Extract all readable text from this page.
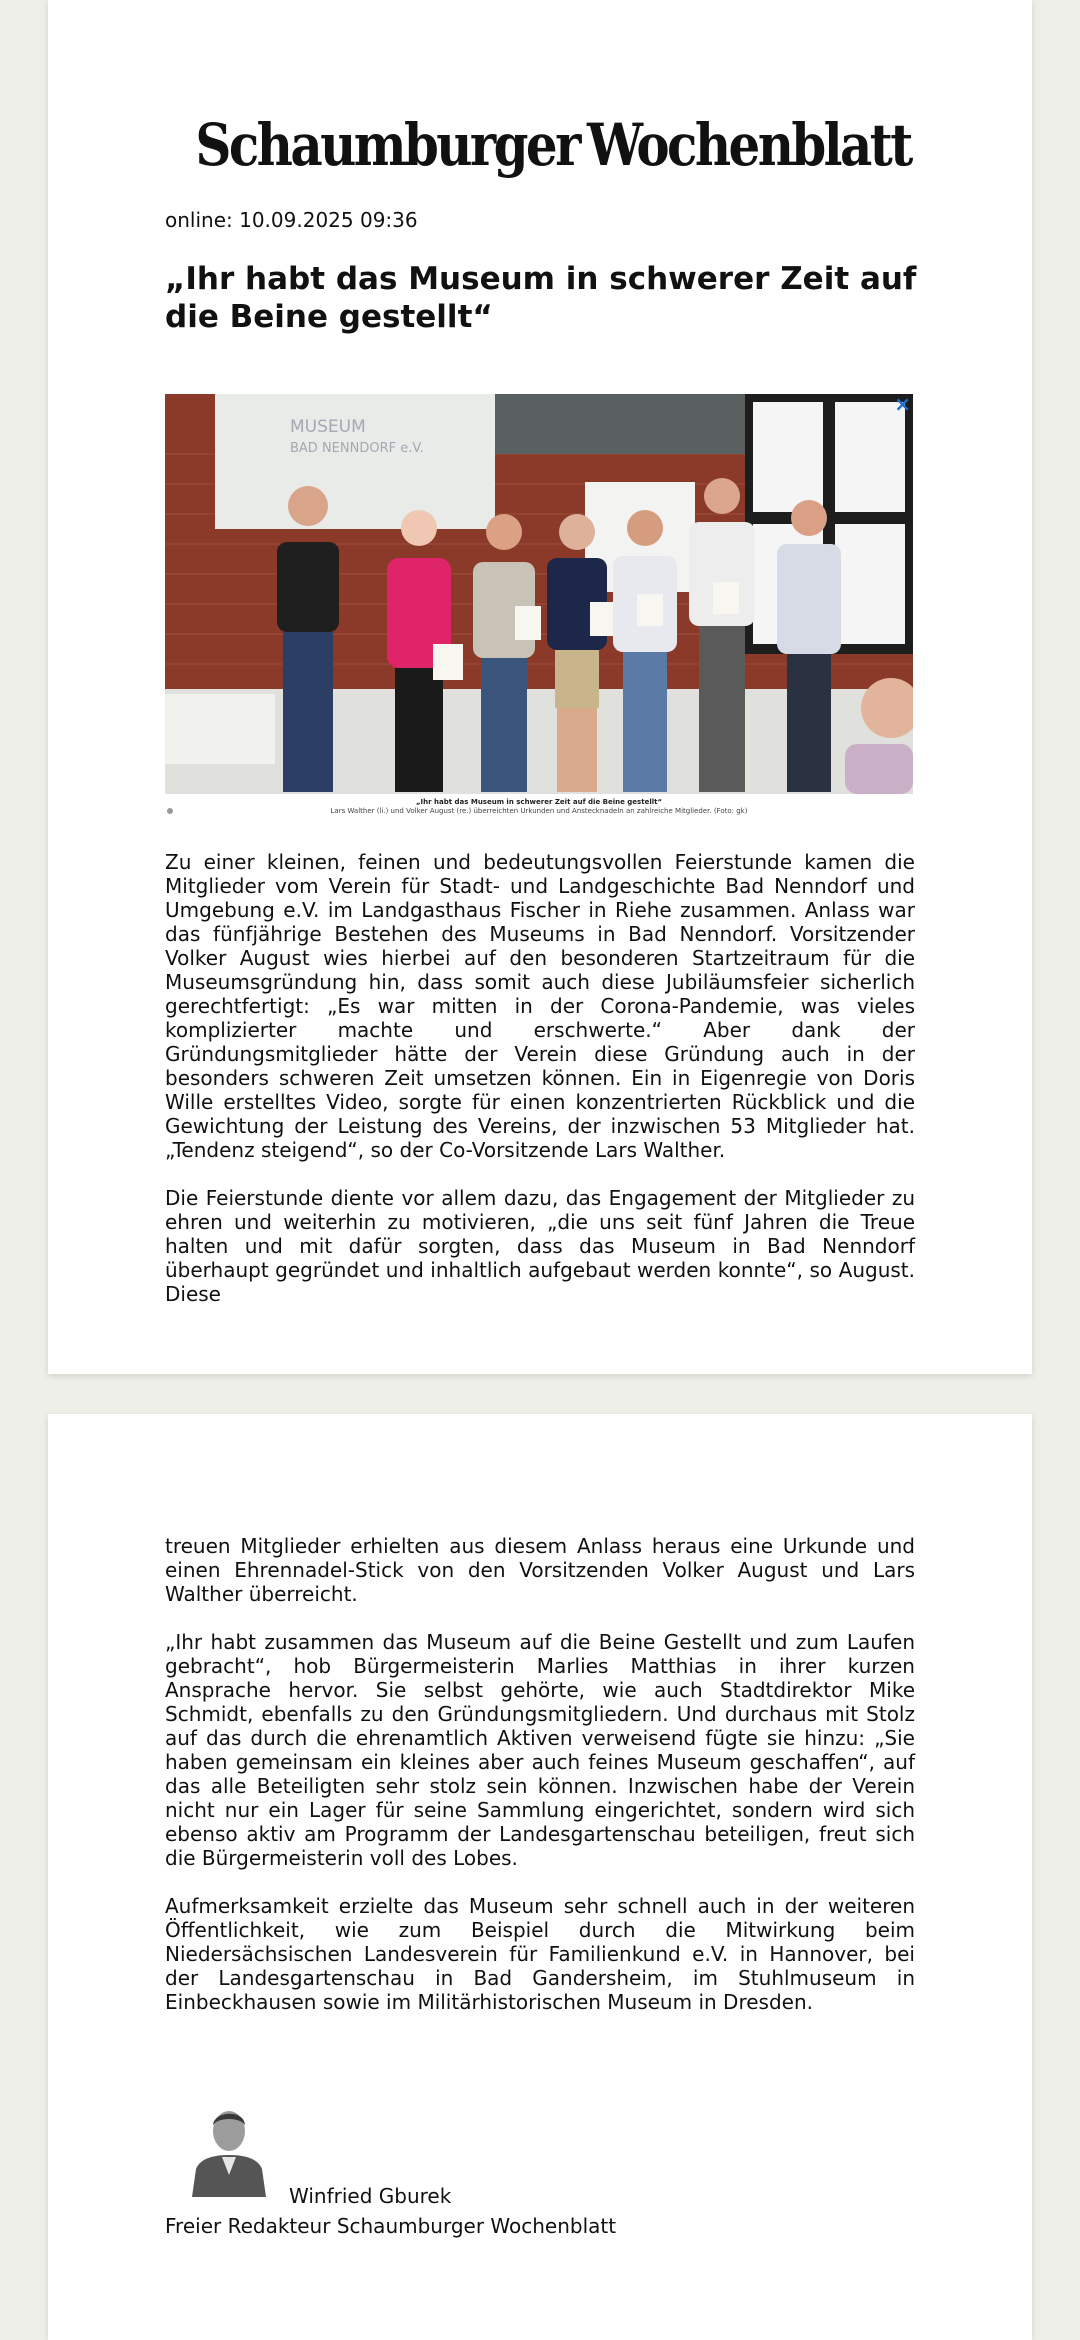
Schaumburger Wochenblatt
online: 10.09.2025 09:36
„Ihr habt das Museum in schwerer Zeit auf die Beine gestellt“
MUSEUM
BAD NENNDORF e.V.
×
„Ihr habt das Museum in schwerer Zeit auf die Beine gestellt“
Lars Walther (li.) und Volker August (re.) überreichten Urkunden und Anstecknadeln an zahlreiche Mitglieder. (Foto: gk)

Zu einer kleinen, feinen und bedeutungsvollen Feierstunde kamen die Mitglieder vom Verein für Stadt- und Landgeschichte Bad Nenndorf und Umgebung e.V. im Landgasthaus Fischer in Riehe zusammen. Anlass war das fünfjährige Bestehen des Museums in Bad Nenndorf. Vorsitzender Volker August wies hierbei auf den besonderen Startzeitraum für die Museumsgründung hin, dass somit auch diese Jubiläumsfeier sicherlich gerechtfertigt: „Es war mitten in der Corona-Pandemie, was vieles komplizierter machte und erschwerte.“ Aber dank der Gründungsmitglieder hätte der Verein diese Gründung auch in der besonders schweren Zeit umsetzen können. Ein in Eigenregie von Doris Wille erstelltes Video, sorgte für einen konzentrierten Rückblick und die Gewichtung der Leistung des Vereins, der inzwischen 53 Mitglieder hat. „Tendenz steigend“, so der Co-Vorsitzende Lars Walther.

Die Feierstunde diente vor allem dazu, das Engagement der Mitglieder zu ehren und weiterhin zu motivieren, „die uns seit fünf Jahren die Treue halten und mit dafür sorgten, dass das Museum in Bad Nenndorf überhaupt gegründet und inhaltlich aufgebaut werden konnte“, so August. Diese

treuen Mitglieder erhielten aus diesem Anlass heraus eine Urkunde und einen Ehrennadel-Stick von den Vorsitzenden Volker August und Lars Walther überreicht.

„Ihr habt zusammen das Museum auf die Beine Gestellt und zum Laufen gebracht“, hob Bürgermeisterin Marlies Matthias in ihrer kurzen Ansprache hervor. Sie selbst gehörte, wie auch Stadtdirektor Mike Schmidt, ebenfalls zu den Gründungsmitgliedern. Und durchaus mit Stolz auf das durch die ehrenamtlich Aktiven verweisend fügte sie hinzu: „Sie haben gemeinsam ein kleines aber auch feines Museum geschaffen“, auf das alle Beteiligten sehr stolz sein können. Inzwischen habe der Verein nicht nur ein Lager für seine Sammlung eingerichtet, sondern wird sich ebenso aktiv am Programm der Landesgartenschau beteiligen, freut sich die Bürgermeisterin voll des Lobes.

Aufmerksamkeit erzielte das Museum sehr schnell auch in der weiteren Öffentlichkeit, wie zum Beispiel durch die Mitwirkung beim Niedersächsischen Landesverein für Familienkund e.V. in Hannover, bei der Landesgartenschau in Bad Gandersheim, im Stuhlmuseum in Einbeckhausen sowie im Militärhistorischen Museum in Dresden.

Winfried Gburek
Freier Redakteur Schaumburger Wochenblatt
